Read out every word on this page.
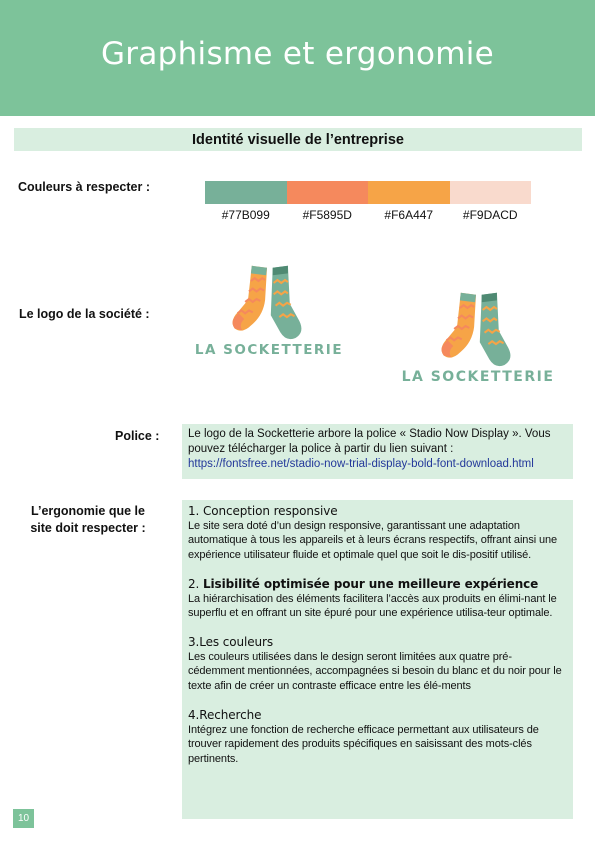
Graphisme et ergonomie
Identité visuelle de l’entreprise
Couleurs à respecter :
#77B099	#F5895D	#F6A447	#F9DACD
Le logo de la société :
LA SOCKETTERIE
LA SOCKETTERIE
Police :	Le logo de la Socketterie arbore la police « Stadio Now Display ». Vous pouvez télécharger la police à partir du lien suivant : https://fontsfree.net/stadio-now-trial-display-bold-font-download.html
L’ergonomie que le
site doit respecter :
1. Conception responsive
Le site sera doté d’un design responsive, garantissant une adaptation automatique à tous les appareils et à leurs écrans respectifs, offrant ainsi une expérience utilisateur fluide et optimale quel que soit le dis-positif utilisé.
2. Lisibilité optimisée pour une meilleure expérience
La hiérarchisation des éléments facilitera l’accès aux produits en élimi-nant le superflu et en offrant un site épuré pour une expérience utilisa-teur optimale.
3.Les couleurs
Les couleurs utilisées dans le design seront limitées aux quatre pré-cédemment mentionnées, accompagnées si besoin du blanc et du noir pour le texte afin de créer un contraste efficace entre les élé-ments
4.Recherche
Intégrez une fonction de recherche efficace permettant aux utilisateurs de trouver rapidement des produits spécifiques en saisissant des mots-clés pertinents.
10
